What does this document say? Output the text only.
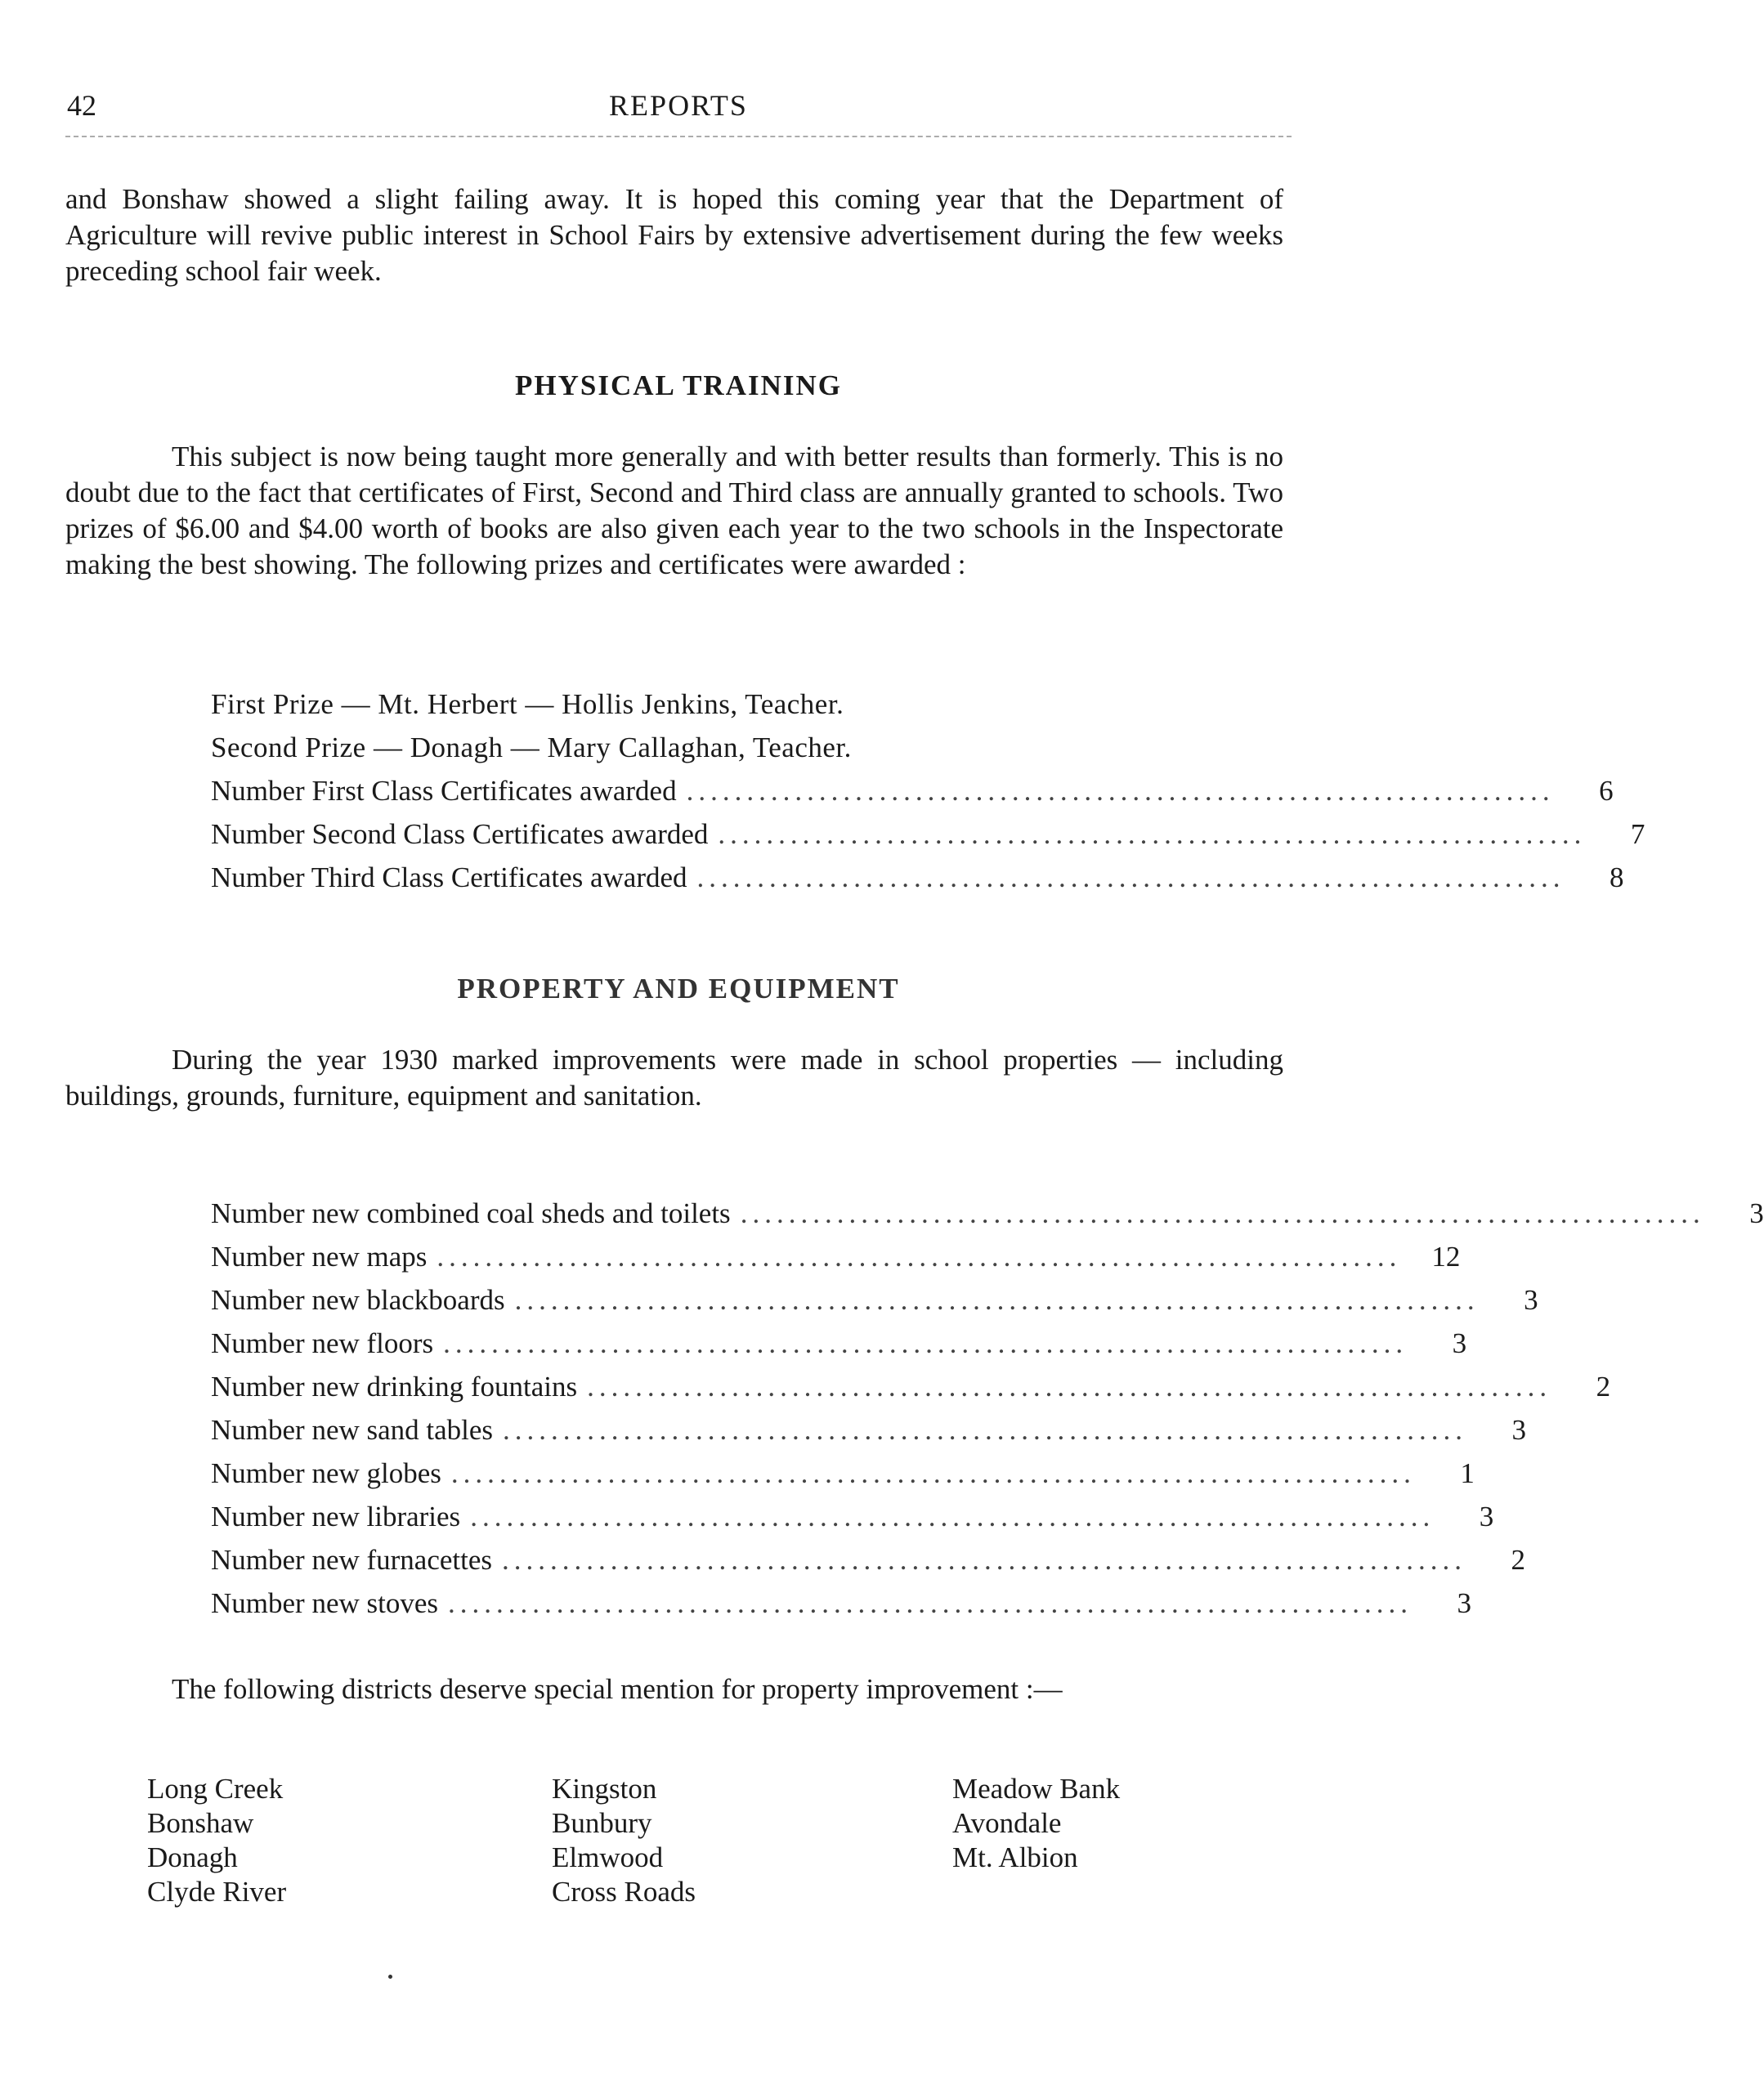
42	REPORTS

and Bonshaw showed a slight failing away. It is hoped this coming year that the Department of Agriculture will revive public interest in School Fairs by extensive advertisement during the few weeks preceding school fair week.

PHYSICAL TRAINING

This subject is now being taught more generally and with better results than formerly. This is no doubt due to the fact that certificates of First, Second and Third class are annually granted to schools. Two prizes of $6.00 and $4.00 worth of books are also given each year to the two schools in the Inspectorate making the best showing. The following prizes and certificates were awarded :

First Prize — Mt. Herbert — Hollis Jenkins, Teacher.
Second Prize — Donagh — Mary Callaghan, Teacher.
Number First Class Certificates awarded ........................................................................	6
Number Second Class Certificates awarded ........................................................................	7
Number Third Class Certificates awarded ........................................................................	8
PROPERTY AND EQUIPMENT

During the year 1930 marked improvements were made in school properties — including buildings, grounds, furniture, equipment and sanitation.

Number new combined coal sheds and toilets ................................................................................	3
Number new maps ................................................................................	12
Number new blackboards ................................................................................	3
Number new floors ................................................................................	3
Number new drinking fountains ................................................................................	2
Number new sand tables ................................................................................	3
Number new globes ................................................................................	1
Number new libraries ................................................................................	3
Number new furnacettes ................................................................................	2
Number new stoves ................................................................................	3

The following districts deserve special mention for property improvement :—

Long Creek
Bonshaw
Donagh
Clyde River
Kingston
Bunbury
Elmwood
Cross Roads
Meadow Bank
Avondale
Mt. Albion
